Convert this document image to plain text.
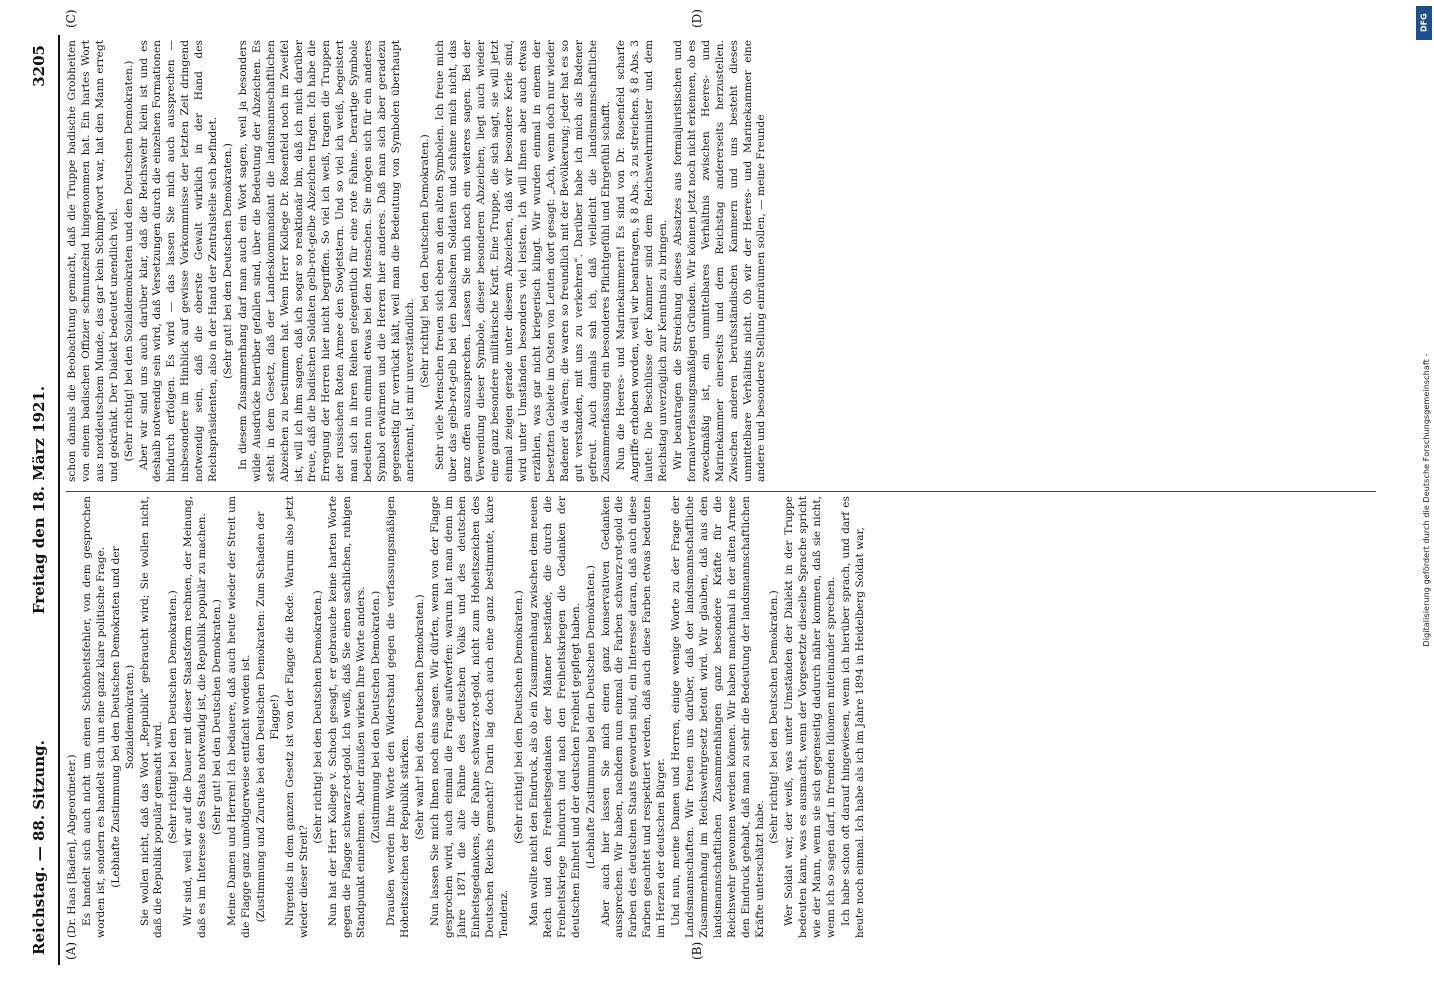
Reichstag. — 88. Sitzung.
Freitag den 18. März 1921.
3205
(A)	(B)
(C)	(D)

(Dr. Haas [Baden], Abgeordneter.) Es handelt sich auch nicht um einen Schönheitsfehler, von dem gesprochen worden ist, sondern es handelt sich um eine ganz klare politische Frage. (Lebhafte Zustimmung bei den Deutschen Demokraten und der Sozialdemokraten.) Sie wollen nicht, daß das Wort „Republik“ gebraucht wird; Sie wollen nicht, daß die Republik populär gemacht wird. (Sehr richtig! bei den Deutschen Demokraten.) Wir sind, weil wir auf die Dauer mit dieser Staatsform rechnen, der Meinung, daß es im Interesse des Staats notwendig ist, die Republik populär zu machen. (Sehr gut! bei den Deutschen Demokraten.) Meine Damen und Herren! Ich bedauere, daß auch heute wieder der Streit um die Flagge ganz unnötigerweise entfacht worden ist. (Zustimmung und Zurufe bei den Deutschen Demokraten: Zum Schaden der Flagge!) Nirgends in dem ganzen Gesetz ist von der Flagge die Rede. Warum also jetzt wieder dieser Streit?

(Sehr richtig! bei den Deutschen Demokraten.) Nun hat der Herr Kollege v. Schoch gesagt, er gebrauche keine harten Worte gegen die Flagge schwarz-rot-gold. Ich weiß, daß Sie einen sachlichen, ruhigen Standpunkt einnehmen. Aber draußen wirken Ihre Worte anders. (Zustimmung bei den Deutschen Demokraten.) Draußen werden Ihre Worte den Widerstand gegen die verfassungsmäßigen Hoheitszeichen der Republik stärken. (Sehr wahr! bei den Deutschen Demokraten.) Nun lassen Sie mich Ihnen noch eins sagen. Wir dürfen, wenn von der Flagge gesprochen wird, auch einmal die Frage aufwerfen: warum hat man denn im Jahre 1871 die alte Fahne des deutschen Volks und des deutschen Einheitsgedankens, die Fahne schwarz-rot-gold, nicht zum Hoheitszeichen des Deutschen Reichs gemacht? Darin lag doch auch eine ganz bestimmte, klare Tendenz.

(Sehr richtig! bei den Deutschen Demokraten.) Man wollte nicht den Eindruck, als ob ein Zusammenhang zwischen dem neuen Reich und den Freiheitsgedanken der Männer bestände, die durch die Freiheitskriege hindurch und nach den Freiheitskriegen die Gedanken der deutschen Einheit und der deutschen Freiheit gepflegt haben. (Lebhafte Zustimmung bei den Deutschen Demokraten.) Aber auch hier lassen Sie mich einen ganz konservativen Gedanken aussprechen. Wir haben, nachdem nun einmal die Farben schwarz-rot-gold die Farben des deutschen Staats geworden sind, ein Interesse daran, daß auch diese Farben geachtet und respektiert werden, daß auch diese Farben etwas bedeuten im Herzen der deutschen Bürger. Und nun, meine Damen und Herren, einige wenige Worte zu der Frage der Landsmannschaften. Wir freuen uns darüber, daß der landsmannschaftliche Zusammenhang im Reichswehrgesetz betont wird. Wir glauben, daß aus den landsmannschaftlichen Zusammenhängen ganz besondere Kräfte für die Reichswehr gewonnen werden können. Wir haben manchmal in der alten Armee den Eindruck gehabt, daß man zu sehr die Bedeutung der landsmannschaftlichen Kräfte unterschätzt habe.

(Sehr richtig! bei den Deutschen Demokraten.) Wer Soldat war, der weiß, was unter Umständen der Dialekt in der Truppe bedeuten kann, was es ausmacht, wenn der Vorgesetzte dieselbe Sprache spricht wie der Mann, wenn sie sich gegenseitig dadurch näher kommen, daß sie nicht, wenn ich so sagen darf, in fremden Idiomen miteinander sprechen. Ich habe schon oft darauf hingewiesen, wenn ich hierüber sprach, und darf es heute noch einmal. Ich habe als ich im Jahre 1894 in Heidelberg Soldat war,

schon damals die Beobachtung gemacht, daß die Truppe badische Grobheiten von einem badischen Offizier schmunzelnd hingenommen hat. Ein hartes Wort aus norddeutschem Munde, das gar kein Schimpfwort war, hat den Mann erregt und gekränkt. Der Dialekt bedeutet unendlich viel. (Sehr richtig! bei den Sozialdemokraten und den Deutschen Demokraten.) Aber wir sind uns auch darüber klar, daß die Reichswehr klein ist und es deshalb notwendig sein wird, daß Versetzungen durch die einzelnen Formationen hindurch erfolgen. Es wird — das lassen Sie mich auch aussprechen — insbesondere im Hinblick auf gewisse Vorkommnisse der letzten Zeit dringend notwendig sein, daß die oberste Gewalt wirklich in der Hand des Reichspräsidenten, also in der Hand der Zentralstelle sich befindet. (Sehr gut! bei den Deutschen Demokraten.) In diesem Zusammenhang darf man auch ein Wort sagen, weil ja besonders wilde Ausdrücke hierüber gefallen sind, über die Bedeutung der Abzeichen. Es steht in dem Gesetz, daß der Landeskommandant die landsmannschaftlichen Abzeichen zu bestimmen hat. Wenn Herr Kollege Dr. Rosenfeld noch im Zweifel ist, will ich ihm sagen, daß ich sogar so reaktionär bin, daß ich mich darüber freue, daß die badischen Soldaten gelb-rot-gelbe Abzeichen tragen. Ich habe die Erregung der Herren hier nicht begriffen. So viel ich weiß, tragen die Truppen der russischen Roten Armee den Sowjetstern. Und so viel ich weiß, begeistert man sich in ihren Reihen gelegentlich für eine rote Fahne. Derartige Symbole bedeuten nun einmal etwas bei den Menschen. Sie mögen sich für ein anderes Symbol erwärmen und die Herren hier anderes. Daß man sich aber geradezu gegenseitig für verrückt hält, weil man die Bedeutung von Symbolen überhaupt anerkennt, ist mir unverständlich.

(Sehr richtig! bei den Deutschen Demokraten.) Sehr viele Menschen freuen sich eben an den alten Symbolen. Ich freue mich über das gelb-rot-gelb bei den badischen Soldaten und schäme mich nicht, das ganz offen auszusprechen. Lassen Sie mich noch ein weiteres sagen. Bei der Verwendung dieser Symbole, dieser besonderen Abzeichen, liegt auch wieder eine ganz besondere militärische Kraft. Eine Truppe, die sich sagt, sie will jetzt einmal zeigen gerade unter diesem Abzeichen, daß wir besondere Kerle sind, wird unter Umständen besonders viel leisten. Ich will Ihnen aber auch etwas erzählen, was gar nicht kriegerisch klingt. Wir wurden einmal in einem der besetzten Gebiete im Osten von Leuten dort gesagt: „Ach, wenn doch nur wieder Badener da wären; die waren so freundlich mit der Bevölkerung; jeder hat es so gut verstanden, mit uns zu verkehren“. Darüber habe ich mich als Badener gefreut. Auch damals sah ich, daß vielleicht die landsmannschaftliche Zusammenfassung ein besonderes Pflichtgefühl und Ehrgefühl schafft. Nun die Heeres- und Marinekammern! Es sind von Dr. Rosenfeld scharfe Angriffe erhoben worden, weil wir beantragen, § 8 Abs. 3 zu streichen. § 8 Abs. 3 lautet: Die Beschlüsse der Kammer sind dem Reichswehrminister und dem Reichstag unverzüglich zur Kenntnis zu bringen. Wir beantragen die Streichung dieses Absatzes aus formaljuristischen und formalverfassungsmäßigen Gründen. Wir können jetzt noch nicht erkennen, ob es zweckmäßig ist, ein unmittelbares Verhältnis zwischen Heeres- und Marinekammer einerseits und dem Reichstag andererseits herzustellen. Zwischen anderen berufsständischen Kammern und uns besteht dieses unmittelbare Verhältnis nicht. Ob wir der Heeres- und Marinekammer eine andere und besondere Stellung einräumen sollen, — meine Freunde

Digitalisierung gefördert durch die Deutsche Forschungsgemeinschaft -
DFG
